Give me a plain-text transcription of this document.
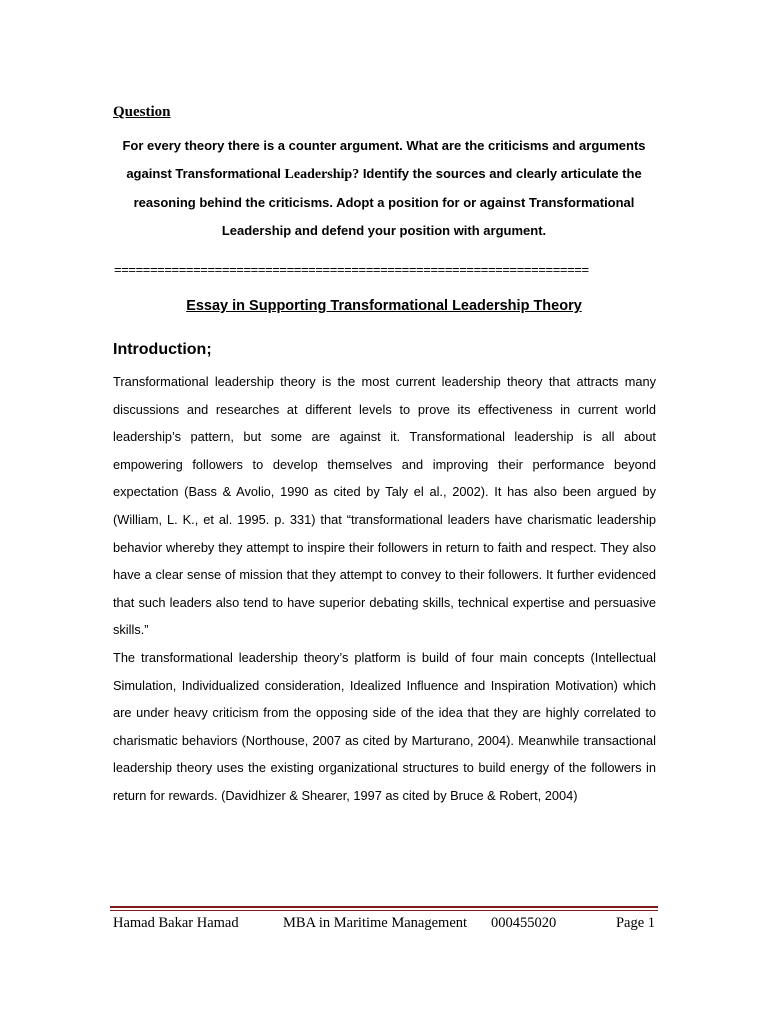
Question
For every theory there is a counter argument. What are the criticisms and arguments
against Transformational Leadership? Identify the sources and clearly articulate the
reasoning behind the criticisms. Adopt a position for or against Transformational
Leadership and defend your position with argument.
==================================================================
Essay in Supporting Transformational Leadership Theory
Introduction;

Transformational leadership theory is the most current leadership theory that attracts many discussions and researches at different levels to prove its effectiveness in current world leadership’s pattern, but some are against it. Transformational leadership is all about empowering followers to develop themselves and improving their performance beyond expectation (Bass & Avolio, 1990 as cited by Taly el al., 2002). It has also been argued by (William, L. K., et al. 1995. p. 331) that “transformational leaders have charismatic leadership behavior whereby they attempt to inspire their followers in return to faith and respect. They also have a clear sense of mission that they attempt to convey to their followers. It further evidenced that such leaders also tend to have superior debating skills, technical expertise and persuasive skills.”

The transformational leadership theory’s platform is build of four main concepts (Intellectual Simulation, Individualized consideration, Idealized Influence and Inspiration Motivation) which are under heavy criticism from the opposing side of the idea that they are highly correlated to charismatic behaviors (Northouse, 2007 as cited by Marturano, 2004). Meanwhile transactional leadership theory uses the existing organizational structures to build energy of the followers in return for rewards. (Davidhizer & Shearer, 1997 as cited by Bruce & Robert, 2004)

Hamad Bakar Hamad	MBA in Maritime Management 000455020	Page 1
